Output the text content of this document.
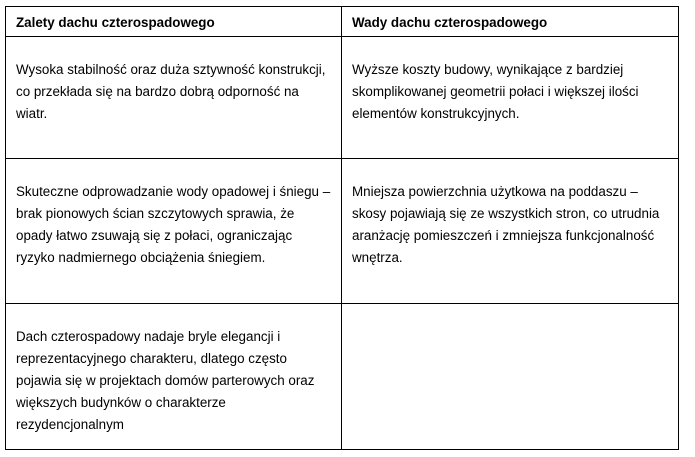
Zalety dachu czterospadowego	Wady dachu czterospadowego
Wysoka stabilność oraz duża sztywność konstrukcji, co przekłada się na bardzo dobrą odporność na wiatr.	Wyższe koszty budowy, wynikające z bardziej skomplikowanej geometrii połaci i większej ilości elementów konstrukcyjnych.
Skuteczne odprowadzanie wody opadowej i śniegu – brak pionowych ścian szczytowych sprawia, że opady łatwo zsuwają się z połaci, ograniczając ryzyko nadmiernego obciążenia śniegiem.	Mniejsza powierzchnia użytkowa na poddaszu – skosy pojawiają się ze wszystkich stron, co utrudnia aranżację pomieszczeń i zmniejsza funkcjonalność wnętrza.
Dach czterospadowy nadaje bryle elegancji i reprezentacyjnego charakteru, dlatego często pojawia się w projektach domów parterowych oraz większych budynków o charakterze rezydencjonalnym	
